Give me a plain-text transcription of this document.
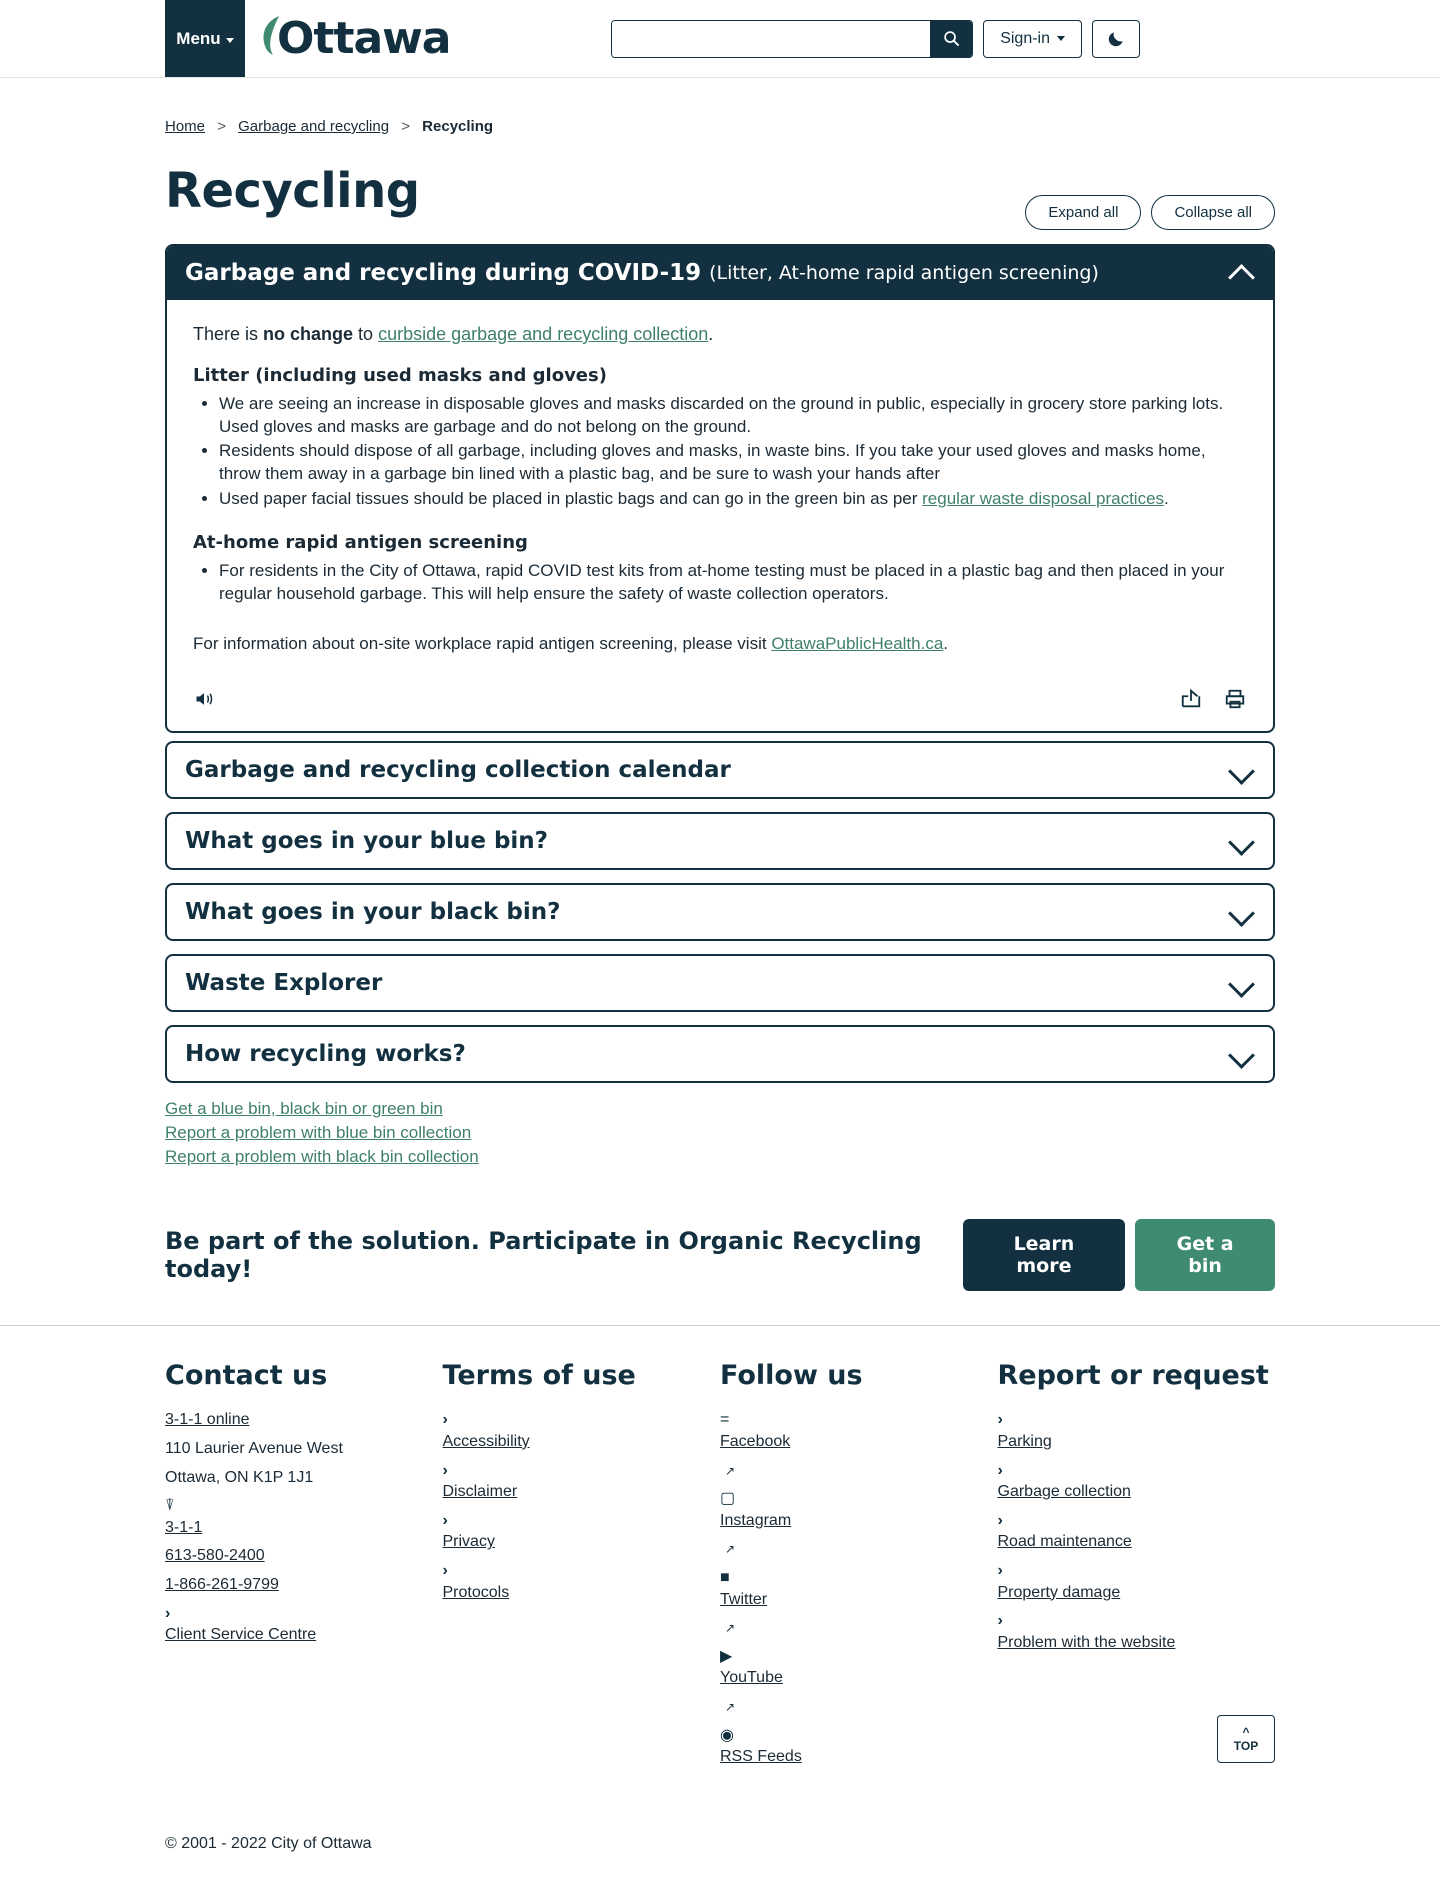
Menu Ottawa	Sign-in
Home > Garbage and recycling > Recycling
Recycling	Expand all	Collapse all
Garbage and recycling during COVID-19 (Litter, At-home rapid antigen screening)

There is no change to curbside garbage and recycling collection.

Litter (including used masks and gloves)
• We are seeing an increase in disposable gloves and masks discarded on the ground in public, especially in grocery store parking lots. Used gloves and masks are garbage and do not belong on the ground.
• Residents should dispose of all garbage, including gloves and masks, in waste bins. If you take your used gloves and masks home, throw them away in a garbage bin lined with a plastic bag, and be sure to wash your hands after
• Used paper facial tissues should be placed in plastic bags and can go in the green bin as per regular waste disposal practices.
At-home rapid antigen screening
• For residents in the City of Ottawa, rapid COVID test kits from at-home testing must be placed in a plastic bag and then placed in your regular household garbage. This will help ensure the safety of waste collection operators.

For information about on-site workplace rapid antigen screening, please visit OttawaPublicHealth.ca.

Garbage and recycling collection calendar
What goes in your blue bin?
What goes in your black bin?
Waste Explorer
How recycling works?
Get a blue bin, black bin or green bin
Report a problem with blue bin collection
Report a problem with black bin collection
Be part of the solution. Participate in Organic Recycling today!
Learn more
Get a bin
Contact us
3-1-1 online
110 Laurier Avenue West
Ottawa, ON K1P 1J1
⍒
3-1-1
613-580-2400
1-866-261-9799
›
Client Service Centre
Terms of use
›
Accessibility
›
Disclaimer
›
Privacy
›
Protocols
Follow us
=
Facebook
↗
▢
Instagram
↗
■
Twitter
↗
▶
YouTube
↗
◉
RSS Feeds
Report or request
›
Parking
›
Garbage collection
›
Road maintenance
›
Property damage
›
Problem with the website
© 2001 - 2022 City of Ottawa
^
TOP
